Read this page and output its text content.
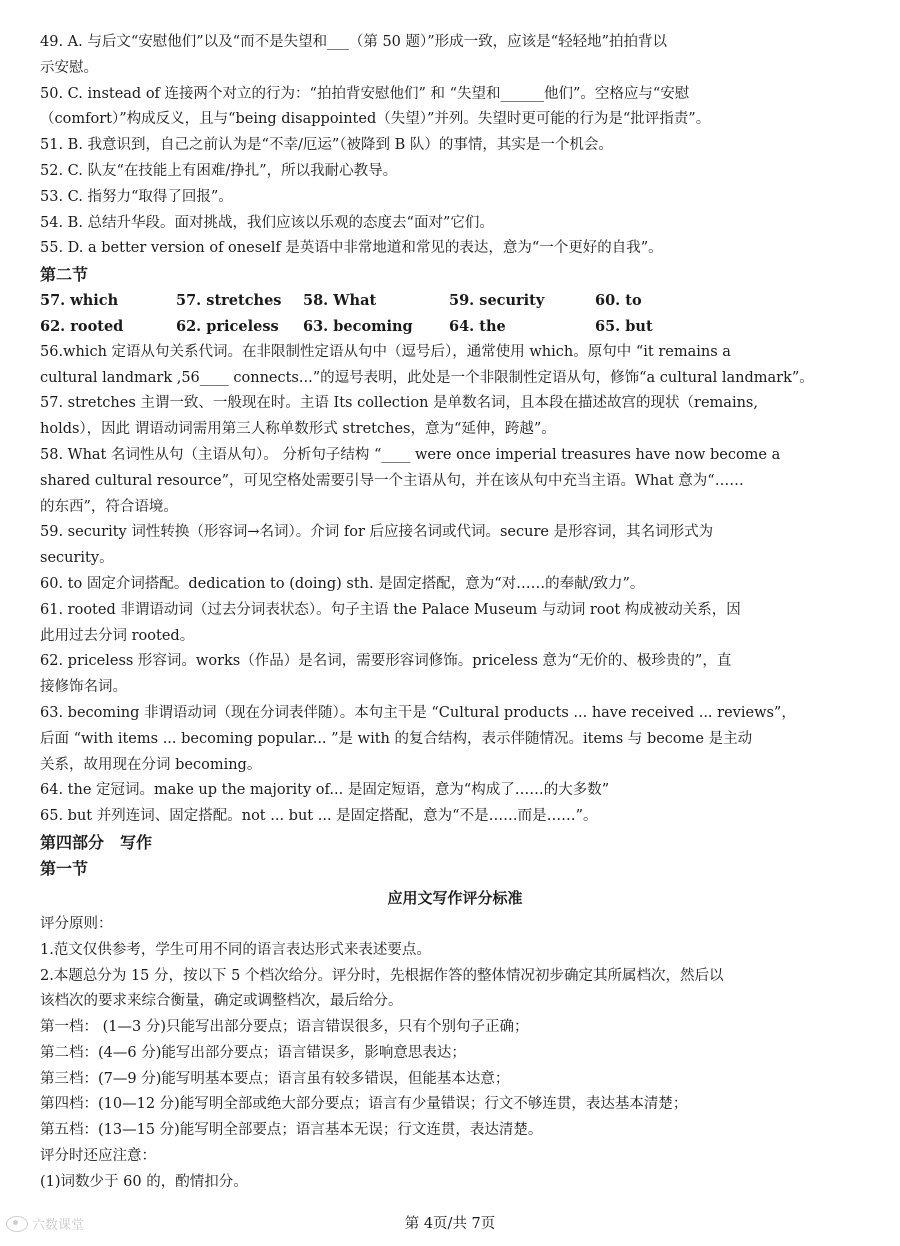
49. A. 与后文“安慰他们”以及“而不是失望和___（第 50 题）”形成一致，应该是“轻轻地”拍拍背以
示安慰。
50. C. instead of 连接两个对立的行为：“拍拍背安慰他们” 和 “失望和______他们”。空格应与“安慰
（comfort）”构成反义，且与“being disappointed（失望）”并列。失望时更可能的行为是“批评指责”。
51. B. 我意识到，自己之前认为是“不幸/厄运”（被降到 B 队）的事情，其实是一个机会。
52. C. 队友“在技能上有困难/挣扎”，所以我耐心教导。
53. C. 指努力“取得了回报”。
54. B. 总结升华段。面对挑战，我们应该以乐观的态度去“面对”它们。
55. D. a better version of oneself 是英语中非常地道和常见的表达，意为“一个更好的自我”。
第二节
57. which	57. stretches	58. What	59. security	60. to
62. rooted	62. priceless	63. becoming	64. the	65. but
56.which 定语从句关系代词。在非限制性定语从句中（逗号后），通常使用 which。原句中 “it remains a
cultural landmark ,56____ connects...”的逗号表明，此处是一个非限制性定语从句，修饰“a cultural landmark”。
57. stretches 主谓一致、一般现在时。主语 Its collection 是单数名词，且本段在描述故宫的现状（remains,
holds），因此 谓语动词需用第三人称单数形式 stretches，意为“延伸，跨越”。
58. What 名词性从句（主语从句）。 分析句子结构 “____ were once imperial treasures have now become a
shared cultural resource”，可见空格处需要引导一个主语从句，并在该从句中充当主语。What 意为“……
的东西”，符合语境。
59. security 词性转换（形容词→名词）。介词 for 后应接名词或代词。secure 是形容词，其名词形式为
security。
60. to 固定介词搭配。dedication to (doing) sth. 是固定搭配，意为“对……的奉献/致力”。
61. rooted 非谓语动词（过去分词表状态）。句子主语 the Palace Museum 与动词 root 构成被动关系，因
此用过去分词 rooted。
62. priceless 形容词。works（作品）是名词，需要形容词修饰。priceless 意为“无价的、极珍贵的”，直
接修饰名词。
63. becoming 非谓语动词（现在分词表伴随）。本句主干是 “Cultural products ... have received ... reviews”，
后面 “with items ... becoming popular... ”是 with 的复合结构，表示伴随情况。items 与 become 是主动
关系，故用现在分词 becoming。
64. the 定冠词。make up the majority of... 是固定短语，意为“构成了……的大多数”
65. but 并列连词、固定搭配。not ... but ... 是固定搭配，意为“不是……而是……”。
第四部分　写作
第一节
应用文写作评分标准
评分原则：
1.范文仅供参考，学生可用不同的语言表达形式来表述要点。
2.本题总分为 15 分，按以下 5 个档次给分。评分时，先根据作答的整体情况初步确定其所属档次，然后以
该档次的要求来综合衡量，确定或调整档次，最后给分。
第一档： (1—3 分)只能写出部分要点；语言错误很多，只有个别句子正确；
第二档：(4—6 分)能写出部分要点；语言错误多，影响意思表达；
第三档：(7—9 分)能写明基本要点；语言虽有较多错误，但能基本达意；
第四档：(10—12 分)能写明全部或绝大部分要点；语言有少量错误；行文不够连贯，表达基本清楚；
第五档：(13—15 分)能写明全部要点；语言基本无误；行文连贯，表达清楚。
评分时还应注意：
(1)词数少于 60 的，酌情扣分。
六数课堂	第 4页/共 7页
